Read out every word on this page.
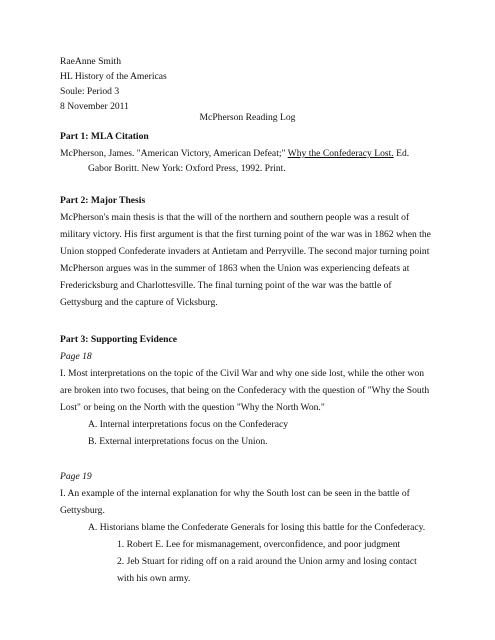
RaeAnne Smith
HL History of the Americas
Soule: Period 3
8 November 2011
McPherson Reading Log
Part 1: MLA Citation
McPherson, James. "American Victory, American Defeat;" Why the Confederacy Lost. Ed.
Gabor Boritt. New York: Oxford Press, 1992. Print.
Part 2: Major Thesis
McPherson's main thesis is that the will of the northern and southern people was a result of
military victory. His first argument is that the first turning point of the war was in 1862 when the
Union stopped Confederate invaders at Antietam and Perryville. The second major turning point
McPherson argues was in the summer of 1863 when the Union was experiencing defeats at
Fredericksburg and Charlottesville. The final turning point of the war was the battle of
Gettysburg and the capture of Vicksburg.
Part 3: Supporting Evidence
Page 18
I. Most interpretations on the topic of the Civil War and why one side lost, while the other won
are broken into two focuses, that being on the Confederacy with the question of "Why the South
Lost" or being on the North with the question "Why the North Won."
A. Internal interpretations focus on the Confederacy
B. External interpretations focus on the Union.
Page 19
I. An example of the internal explanation for why the South lost can be seen in the battle of
Gettysburg.
A. Historians blame the Confederate Generals for losing this battle for the Confederacy.
1. Robert E. Lee for mismanagement, overconfidence, and poor judgment
2. Jeb Stuart for riding off on a raid around the Union army and losing contact
with his own army.
